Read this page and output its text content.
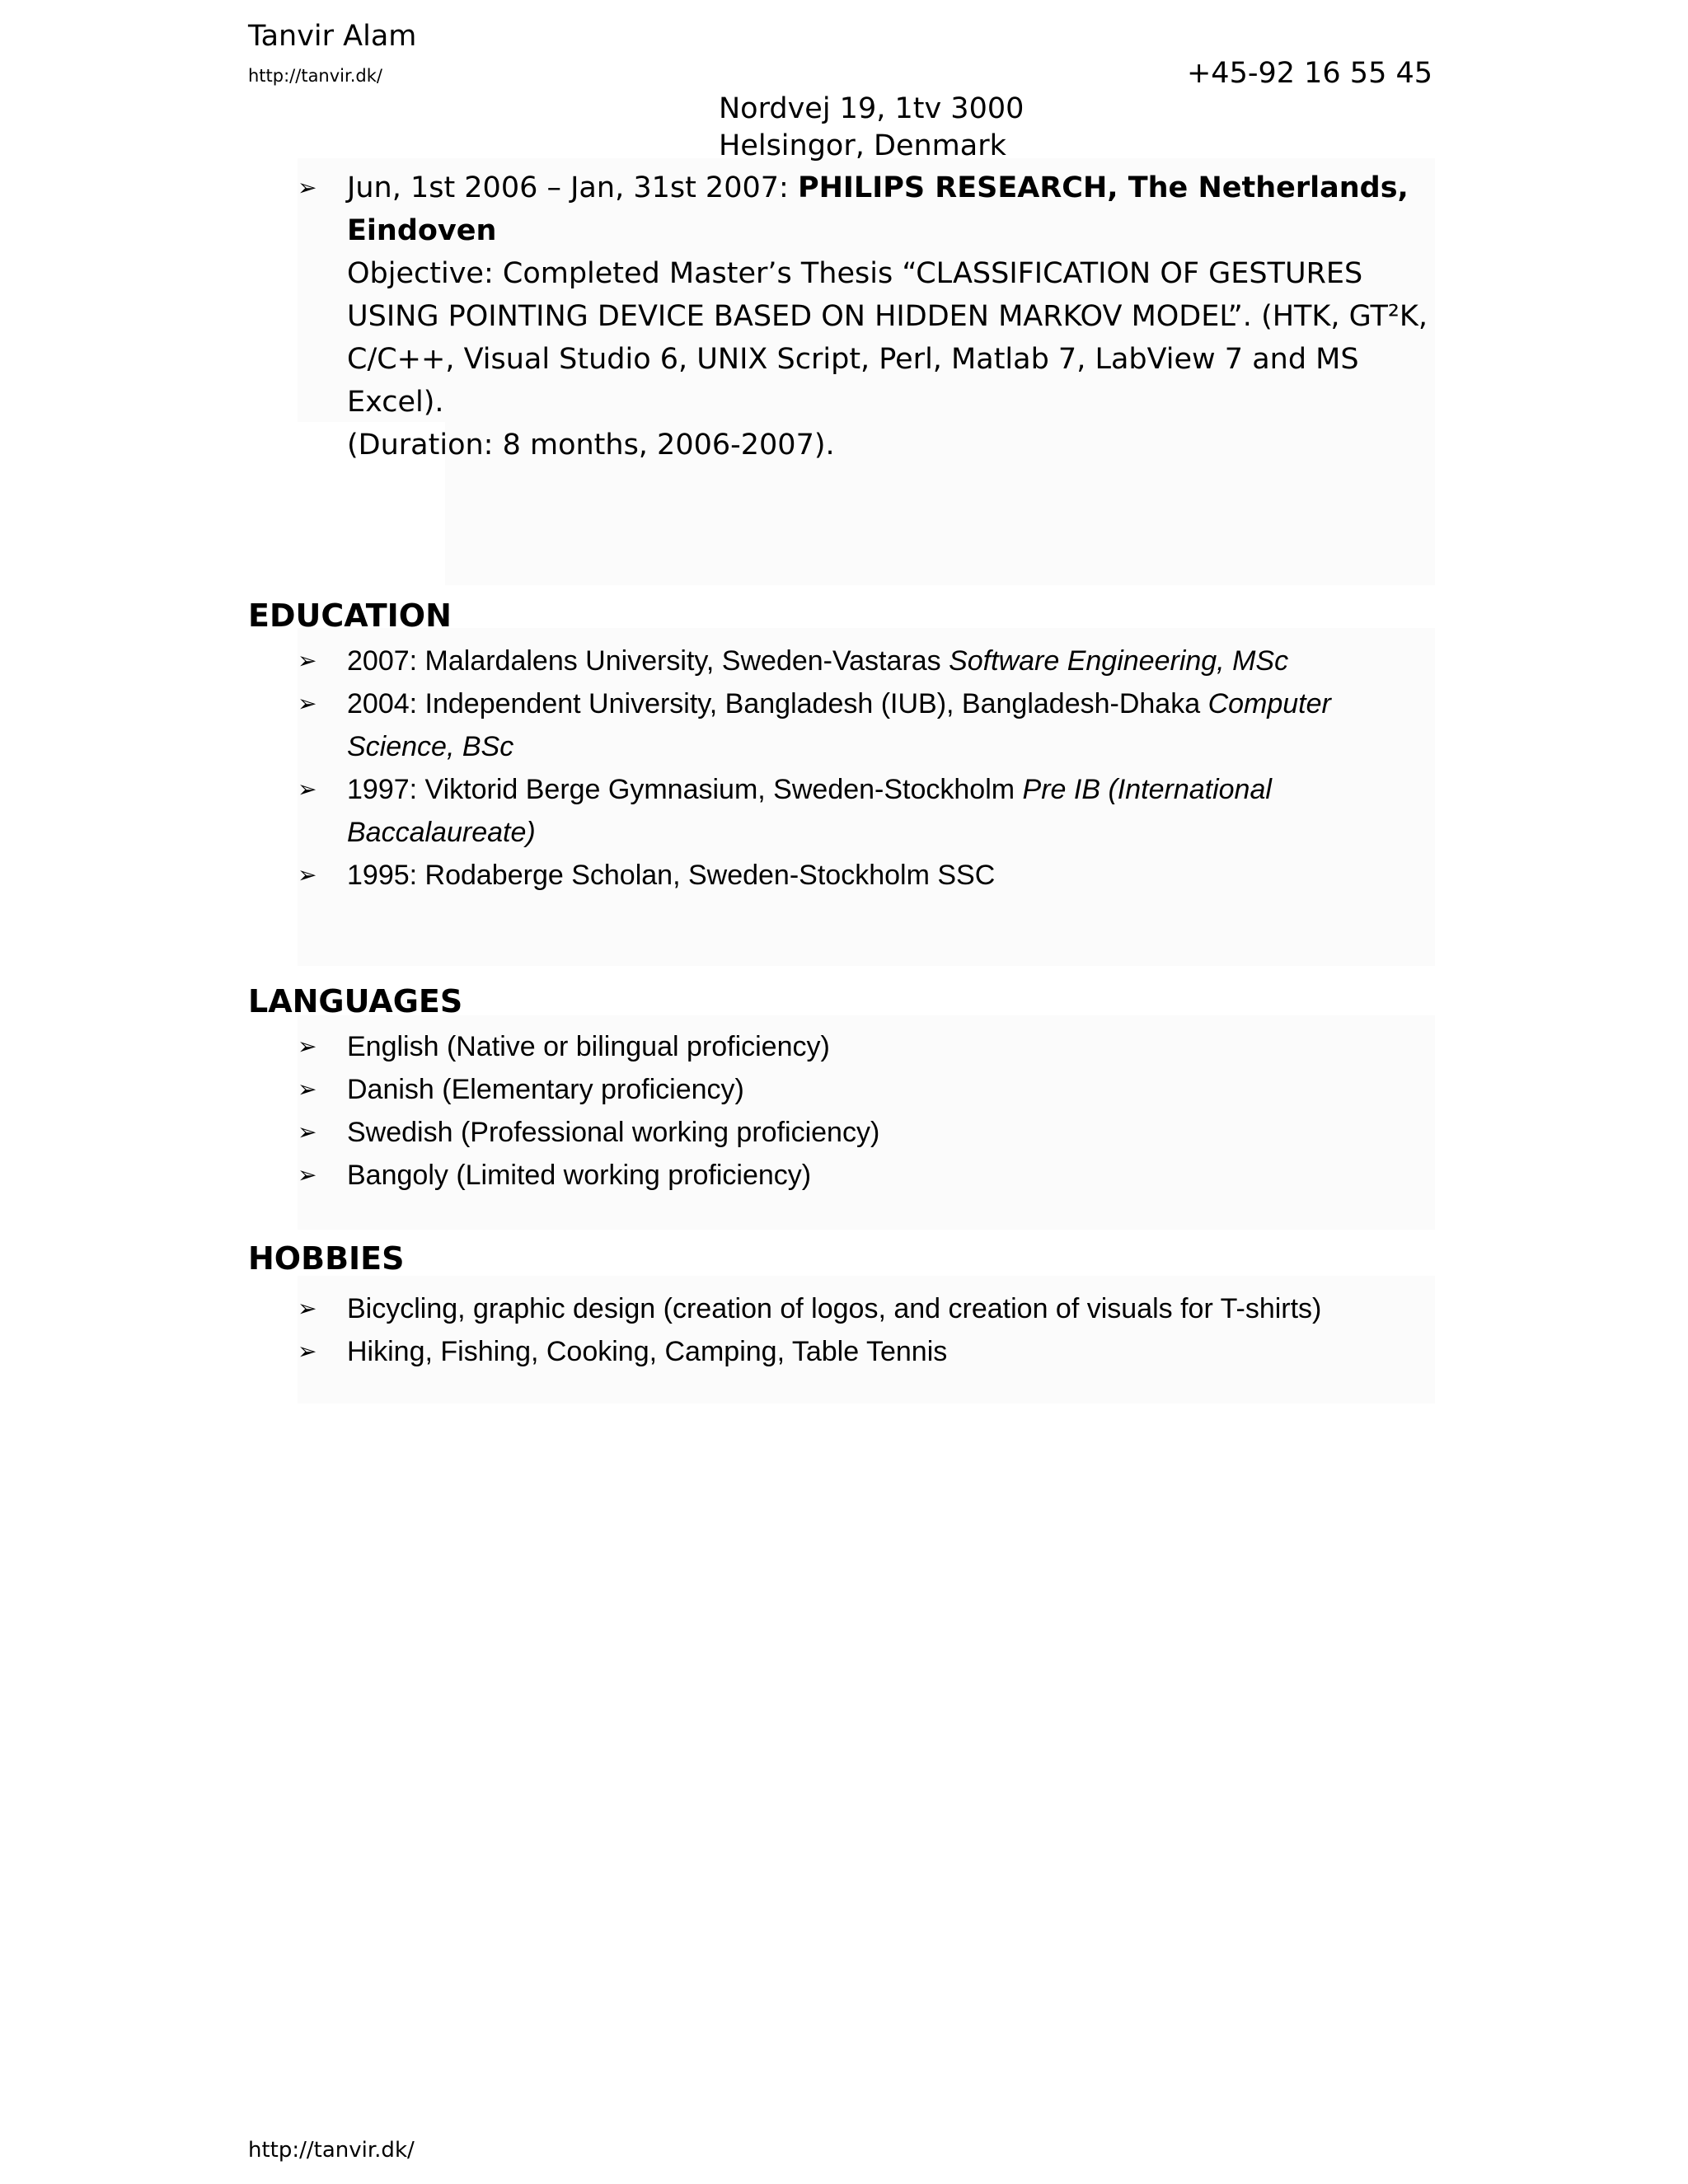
Tanvir Alam
http://tanvir.dk/	+45-92 16 55 45
Nordvej 19, 1tv 3000
Helsingor, Denmark
➢	Jun, 1st 2006 – Jan, 31st 2007: PHILIPS RESEARCH, The Netherlands, Eindoven
Objective: Completed Master’s Thesis “CLASSIFICATION OF GESTURES USING POINTING DEVICE BASED ON HIDDEN MARKOV MODEL”. (HTK, GT²K, C/C++, Visual Studio 6, UNIX Script, Perl, Matlab 7, LabView 7 and MS Excel).
(Duration: 8 months, 2006-2007).
EDUCATION
➢	2007: Malardalens University, Sweden-Vastaras Software Engineering, MSc
➢	2004: Independent University, Bangladesh (IUB), Bangladesh-Dhaka Computer Science, BSc
➢	1997: Viktorid Berge Gymnasium, Sweden-Stockholm Pre IB (International Baccalaureate)
➢	1995: Rodaberge Scholan, Sweden-Stockholm SSC
LANGUAGES
➢	English (Native or bilingual proficiency)
➢	Danish (Elementary proficiency)
➢	Swedish (Professional working proficiency)
➢	Bangoly (Limited working proficiency)
HOBBIES
➢	Bicycling, graphic design (creation of logos, and creation of visuals for T-shirts)
➢	Hiking, Fishing, Cooking, Camping, Table Tennis
http://tanvir.dk/
